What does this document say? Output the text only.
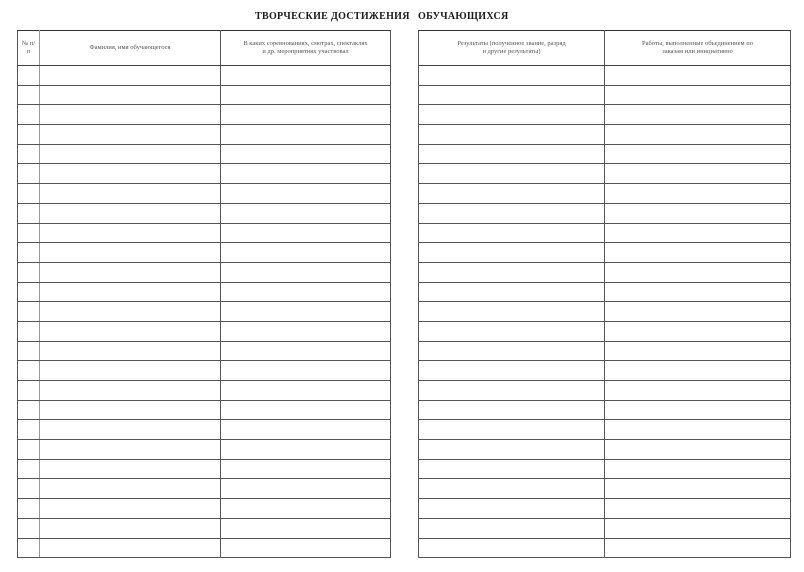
ТВОРЧЕСКИЕ ДОСТИЖЕНИЯ ОБУЧАЮЩИХСЯ
№ п/п	Фамилия, имя обучающегося	В каких соревнованиях, смотрах, спектаклях и др. мероприятиях участвовал

Результаты (полученное звание, разряд и другие результаты)	Работы, выполненные объединением по заказам или инициативно
